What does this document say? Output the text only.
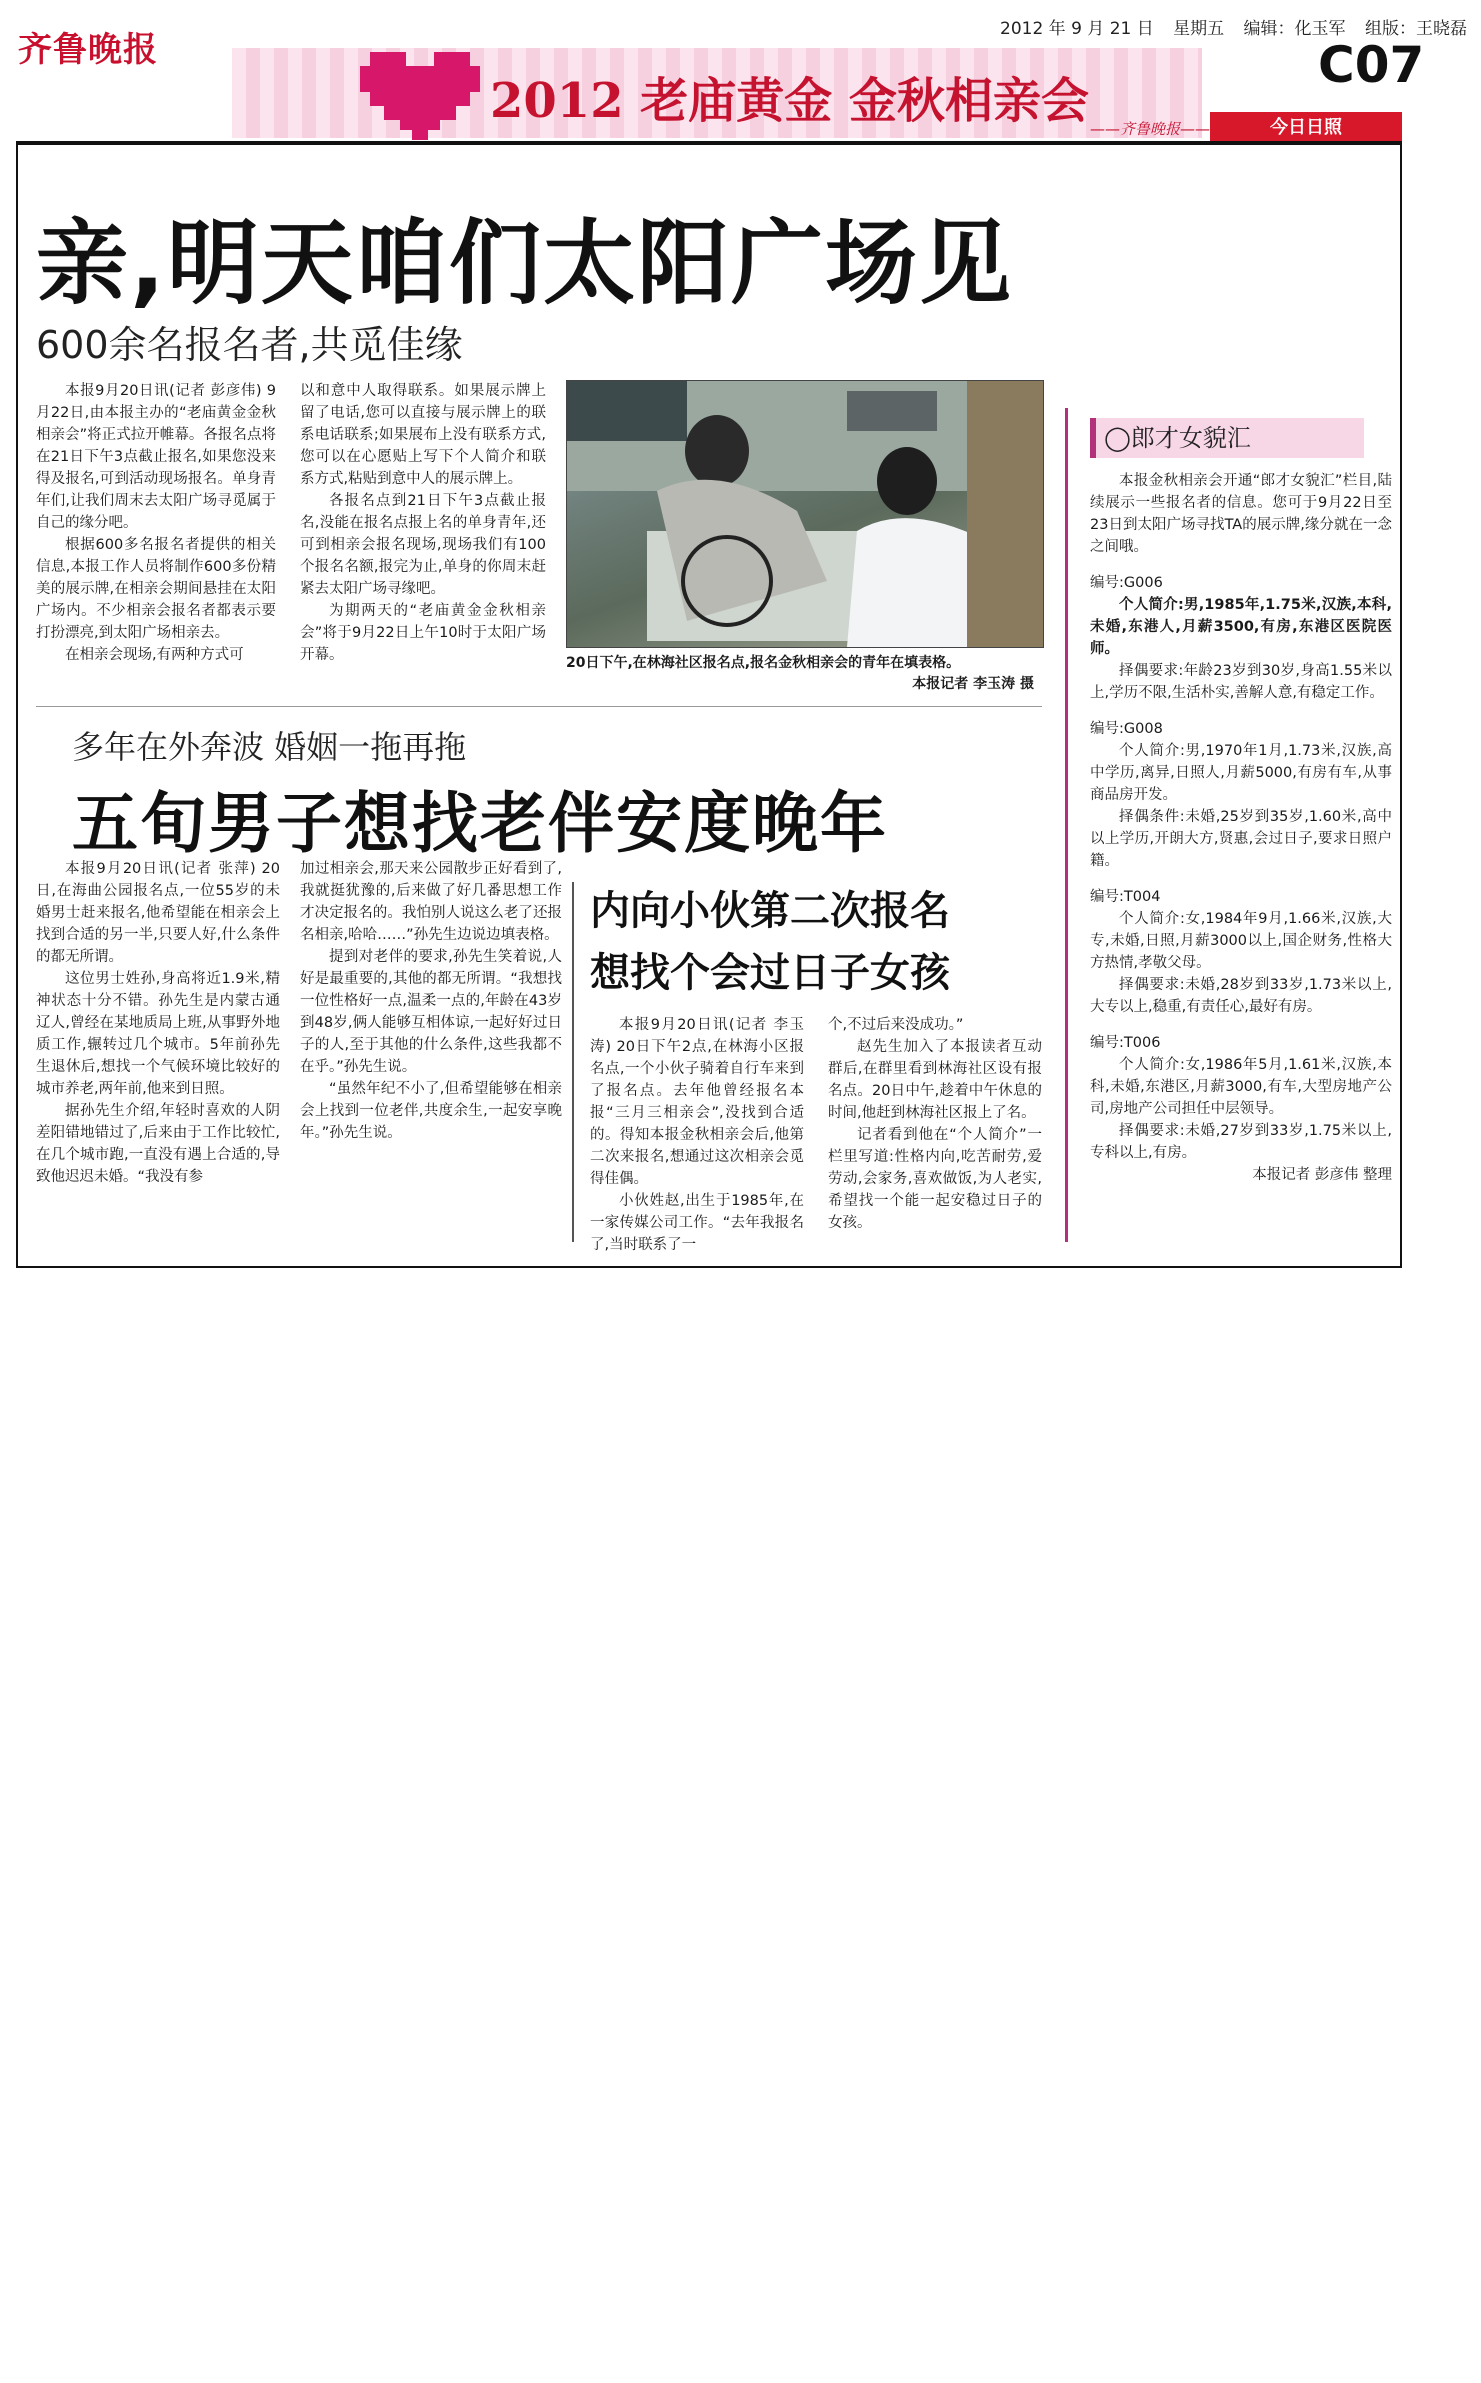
齐鲁晚报
2012 年 9 月 21 日 星期五 编辑：化玉军 组版：王晓磊
2012 老庙黄金 金秋相亲会 ——齐鲁晚报——
C07
今日日照
亲,明天咱们太阳广场见
600余名报名者,共觅佳缘

本报9月20日讯(记者 彭彦伟) 9月22日,由本报主办的“老庙黄金金秋相亲会”将正式拉开帷幕。各报名点将在21日下午3点截止报名,如果您没来得及报名,可到活动现场报名。单身青年们,让我们周末去太阳广场寻觅属于自己的缘分吧。

根据600多名报名者提供的相关信息,本报工作人员将制作600多份精美的展示牌,在相亲会期间悬挂在太阳广场内。不少相亲会报名者都表示要打扮漂亮,到太阳广场相亲去。

在相亲会现场,有两种方式可

以和意中人取得联系。如果展示牌上留了电话,您可以直接与展示牌上的联系电话联系;如果展布上没有联系方式,您可以在心愿贴上写下个人简介和联系方式,粘贴到意中人的展示牌上。

各报名点到21日下午3点截止报名,没能在报名点报上名的单身青年,还可到相亲会报名现场,现场我们有100个报名名额,报完为止,单身的你周末赶紧去太阳广场寻缘吧。

为期两天的“老庙黄金金秋相亲会”将于9月22日上午10时于太阳广场开幕。	20日下午,在林海社区报名点,报名金秋相亲会的青年在填表格。
本报记者 李玉涛 摄
多年在外奔波 婚姻一拖再拖
五旬男子想找老伴安度晚年

本报9月20日讯(记者 张萍) 20日,在海曲公园报名点,一位55岁的未婚男士赶来报名,他希望能在相亲会上找到合适的另一半,只要人好,什么条件的都无所谓。

这位男士姓孙,身高将近1.9米,精神状态十分不错。孙先生是内蒙古通辽人,曾经在某地质局上班,从事野外地质工作,辗转过几个城市。5年前孙先生退休后,想找一个气候环境比较好的城市养老,两年前,他来到日照。

据孙先生介绍,年轻时喜欢的人阴差阳错地错过了,后来由于工作比较忙,在几个城市跑,一直没有遇上合适的,导致他迟迟未婚。“我没有参

加过相亲会,那天来公园散步正好看到了,我就挺犹豫的,后来做了好几番思想工作才决定报名的。我怕别人说这么老了还报名相亲,哈哈……”孙先生边说边填表格。

提到对老伴的要求,孙先生笑着说,人好是最重要的,其他的都无所谓。“我想找一位性格好一点,温柔一点的,年龄在43岁到48岁,俩人能够互相体谅,一起好好过日子的人,至于其他的什么条件,这些我都不在乎。”孙先生说。

“虽然年纪不小了,但希望能够在相亲会上找到一位老伴,共度余生,一起安享晚年。”孙先生说。

内向小伙第二次报名
想找个会过日子女孩

本报9月20日讯(记者 李玉涛) 20日下午2点,在林海小区报名点,一个小伙子骑着自行车来到了报名点。去年他曾经报名本报“三月三相亲会”,没找到合适的。得知本报金秋相亲会后,他第二次来报名,想通过这次相亲会觅得佳偶。

小伙姓赵,出生于1985年,在一家传媒公司工作。“去年我报名了,当时联系了一

个,不过后来没成功。”

赵先生加入了本报读者互动群后,在群里看到林海社区设有报名点。20日中午,趁着中午休息的时间,他赶到林海社区报上了名。

记者看到他在“个人简介”一栏里写道:性格内向,吃苦耐劳,爱劳动,会家务,喜欢做饭,为人老实,希望找一个能一起安稳过日子的女孩。

◯郎才女貌汇

本报金秋相亲会开通“郎才女貌汇”栏目,陆续展示一些报名者的信息。您可于9月22日至23日到太阳广场寻找TA的展示牌,缘分就在一念之间哦。

编号:G006

个人简介:男,1985年,1.75米,汉族,本科,未婚,东港人,月薪3500,有房,东港区医院医师。

择偶要求:年龄23岁到30岁,身高1.55米以上,学历不限,生活朴实,善解人意,有稳定工作。

编号:G008

个人简介:男,1970年1月,1.73米,汉族,高中学历,离异,日照人,月薪5000,有房有车,从事商品房开发。

择偶条件:未婚,25岁到35岁,1.60米,高中以上学历,开朗大方,贤惠,会过日子,要求日照户籍。

编号:T004

个人简介:女,1984年9月,1.66米,汉族,大专,未婚,日照,月薪3000以上,国企财务,性格大方热情,孝敬父母。

择偶要求:未婚,28岁到33岁,1.73米以上,大专以上,稳重,有责任心,最好有房。

编号:T006

个人简介:女,1986年5月,1.61米,汉族,本科,未婚,东港区,月薪3000,有车,大型房地产公司,房地产公司担任中层领导。

择偶要求:未婚,27岁到33岁,1.75米以上,专科以上,有房。

本报记者 彭彦伟 整理
